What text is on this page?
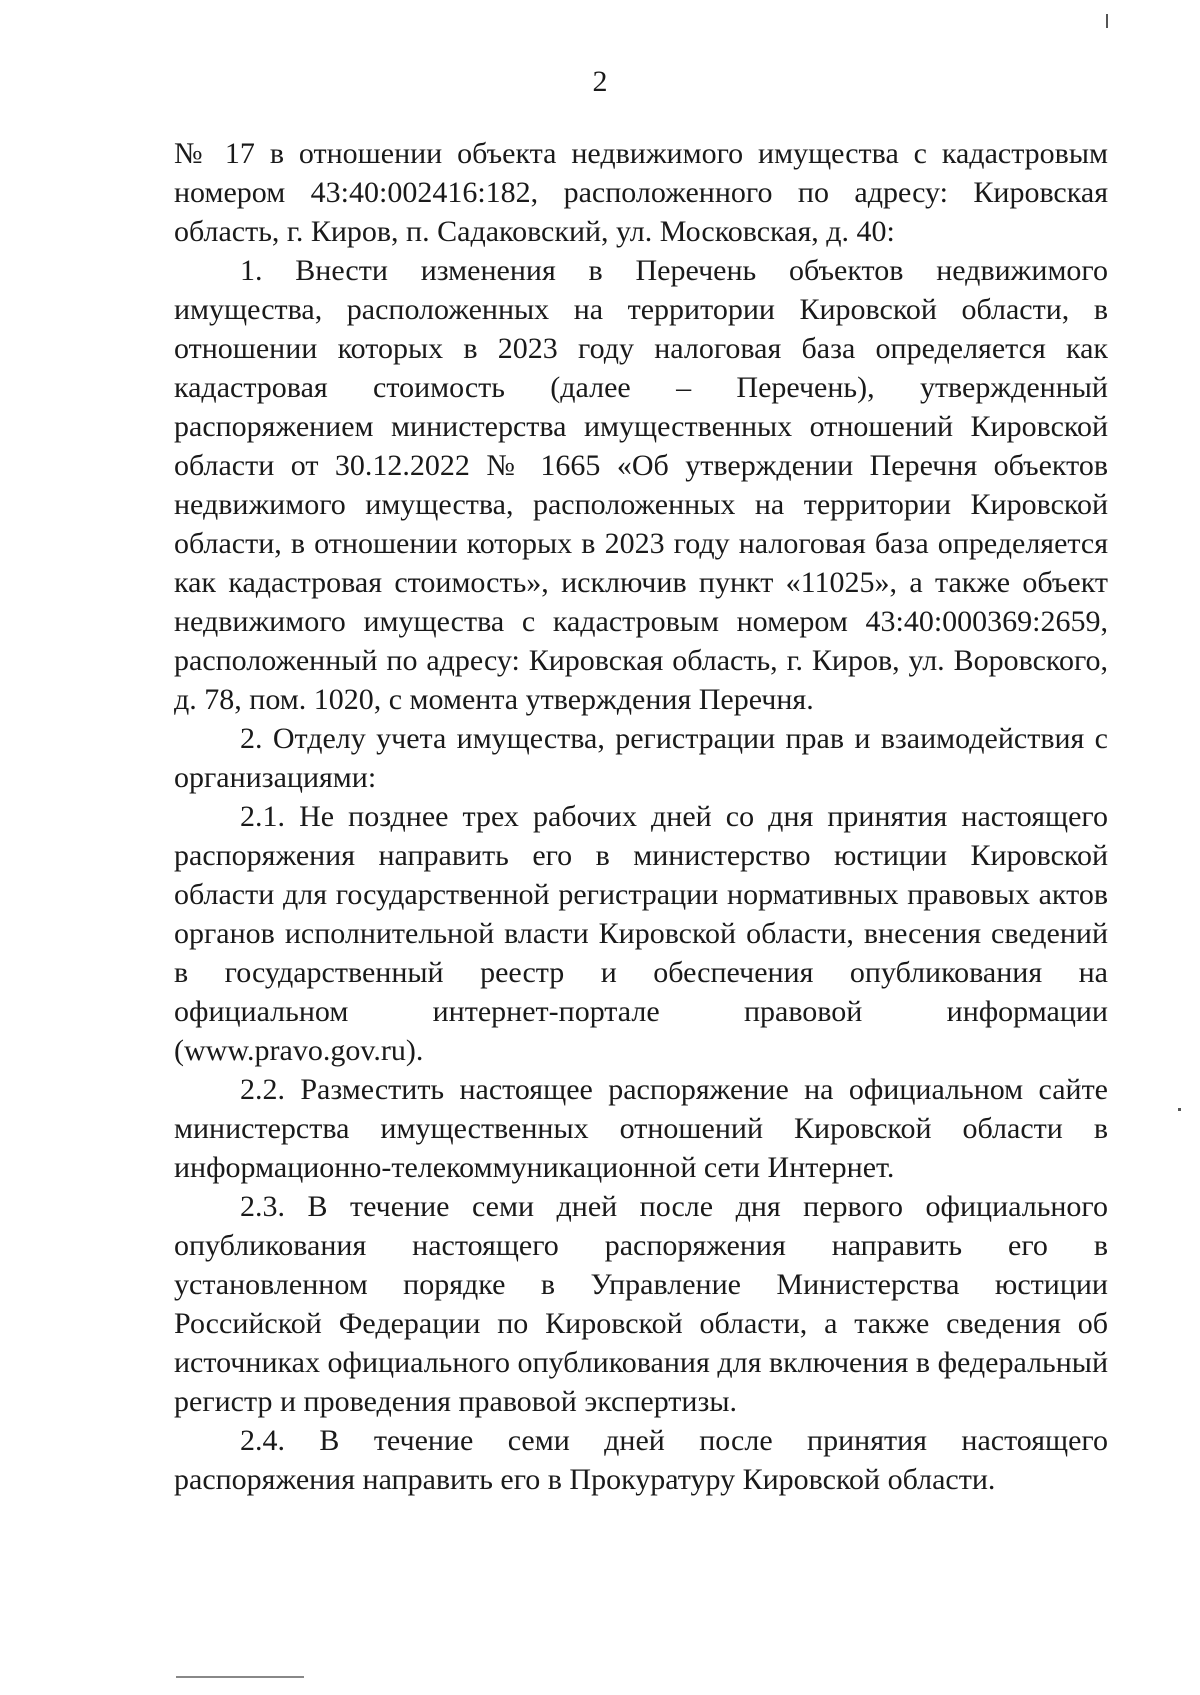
2

№ 17 в отношении объекта недвижимого имущества с кадастровым номером 43:40:002416:182, расположенного по адресу: Кировская область, г. Киров, п. Садаковский, ул. Московская, д. 40:

1. Внести изменения в Перечень объектов недвижимого имущества, расположенных на территории Кировской области, в отношении которых в 2023 году налоговая база определяется как кадастровая стоимость (далее – Перечень), утвержденный распоряжением министерства имущественных отношений Кировской области от 30.12.2022 № 1665 «Об утверждении Перечня объектов недвижимого имущества, расположенных на территории Кировской области, в отношении которых в 2023 году налоговая база определяется как кадастровая стоимость», исключив пункт «11025», а также объект недвижимого имущества с кадастровым номером 43:40:000369:2659, расположенный по адресу: Кировская область, г. Киров, ул. Воровского, д. 78, пом. 1020, с момента утверждения Перечня.

2. Отделу учета имущества, регистрации прав и взаимодействия с организациями:

2.1. Не позднее трех рабочих дней со дня принятия настоящего распоряжения направить его в министерство юстиции Кировской области для государственной регистрации нормативных правовых актов органов исполнительной власти Кировской области, внесения сведений в государственный реестр и обеспечения опубликования на официальном интернет-портале правовой информации (www.pravo.gov.ru).

2.2. Разместить настоящее распоряжение на официальном сайте министерства имущественных отношений Кировской области в информационно-телекоммуникационной сети Интернет.

2.3. В течение семи дней после дня первого официального опубликования настоящего распоряжения направить его в установленном порядке в Управление Министерства юстиции Российской Федерации по Кировской области, а также сведения об источниках официального опубликования для включения в федеральный регистр и проведения правовой экспертизы.

2.4. В течение семи дней после принятия настоящего распоряжения направить его в Прокуратуру Кировской области.
